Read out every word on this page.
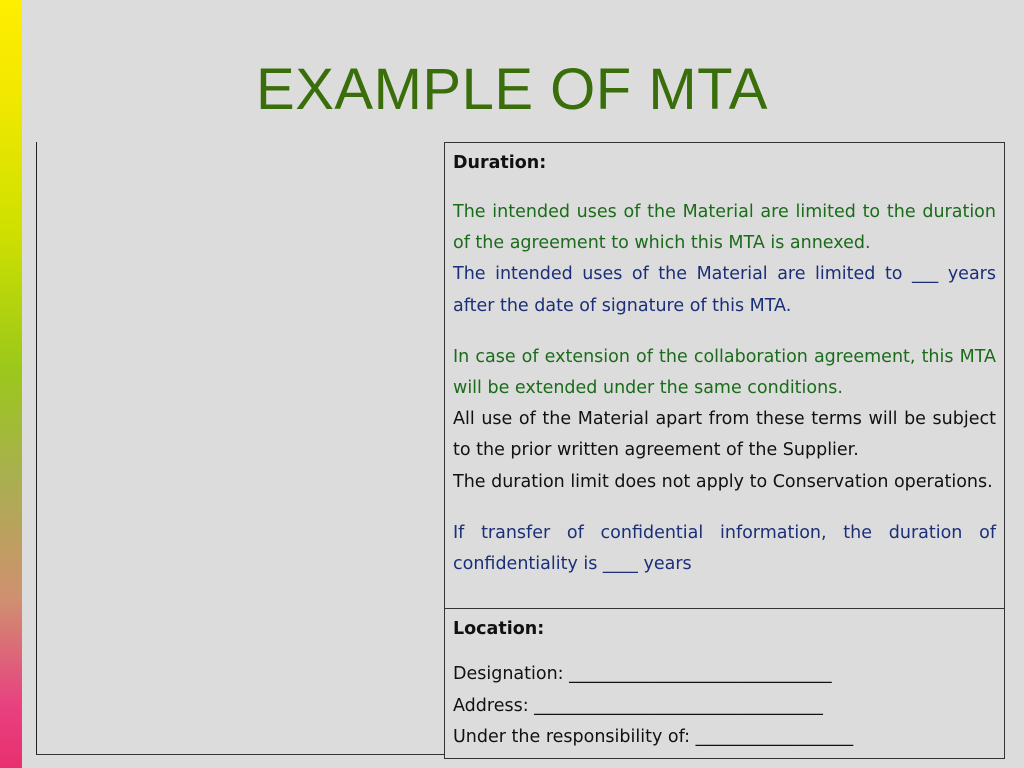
EXAMPLE OF MTA
Duration:

The intended uses of the Material are limited to the duration of the agreement to which this MTA is annexed.

The intended uses of the Material are limited to ___ years after the date of signature of this MTA.

In case of extension of the collaboration agreement, this MTA will be extended under the same conditions.

All use of the Material apart from these terms will be subject to the prior written agreement of the Supplier.

The duration limit does not apply to Conservation operations.

If transfer of confidential information, the duration of confidentiality is ____ years

Location:

Designation: ______________________________

Address: _________________________________

Under the responsibility of: __________________
